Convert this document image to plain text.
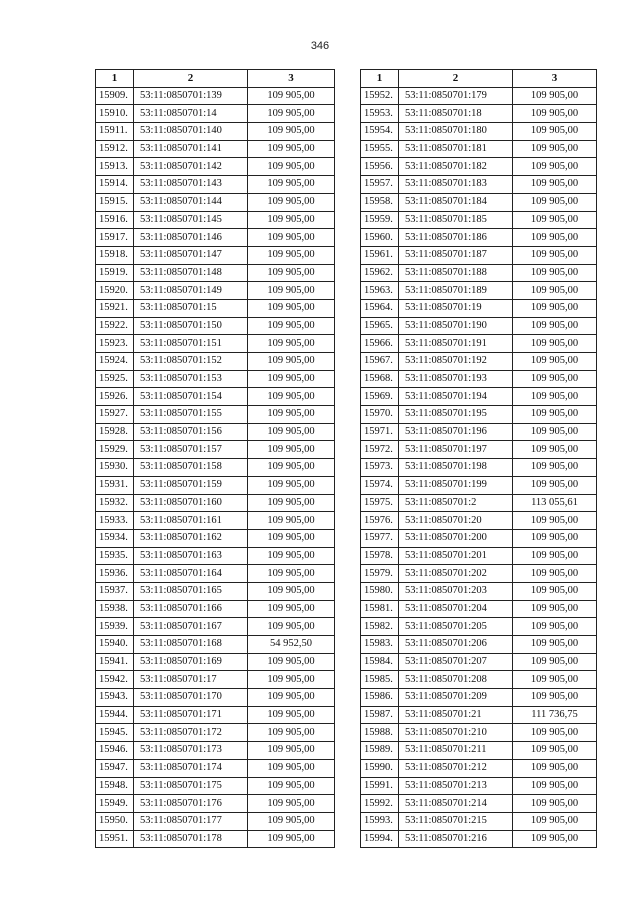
346
1	2	3
15909.	53:11:0850701:139	109 905,00
15910.	53:11:0850701:14	109 905,00
15911.	53:11:0850701:140	109 905,00
15912.	53:11:0850701:141	109 905,00
15913.	53:11:0850701:142	109 905,00
15914.	53:11:0850701:143	109 905,00
15915.	53:11:0850701:144	109 905,00
15916.	53:11:0850701:145	109 905,00
15917.	53:11:0850701:146	109 905,00
15918.	53:11:0850701:147	109 905,00
15919.	53:11:0850701:148	109 905,00
15920.	53:11:0850701:149	109 905,00
15921.	53:11:0850701:15	109 905,00
15922.	53:11:0850701:150	109 905,00
15923.	53:11:0850701:151	109 905,00
15924.	53:11:0850701:152	109 905,00
15925.	53:11:0850701:153	109 905,00
15926.	53:11:0850701:154	109 905,00
15927.	53:11:0850701:155	109 905,00
15928.	53:11:0850701:156	109 905,00
15929.	53:11:0850701:157	109 905,00
15930.	53:11:0850701:158	109 905,00
15931.	53:11:0850701:159	109 905,00
15932.	53:11:0850701:160	109 905,00
15933.	53:11:0850701:161	109 905,00
15934.	53:11:0850701:162	109 905,00
15935.	53:11:0850701:163	109 905,00
15936.	53:11:0850701:164	109 905,00
15937.	53:11:0850701:165	109 905,00
15938.	53:11:0850701:166	109 905,00
15939.	53:11:0850701:167	109 905,00
15940.	53:11:0850701:168	54 952,50
15941.	53:11:0850701:169	109 905,00
15942.	53:11:0850701:17	109 905,00
15943.	53:11:0850701:170	109 905,00
15944.	53:11:0850701:171	109 905,00
15945.	53:11:0850701:172	109 905,00
15946.	53:11:0850701:173	109 905,00
15947.	53:11:0850701:174	109 905,00
15948.	53:11:0850701:175	109 905,00
15949.	53:11:0850701:176	109 905,00
15950.	53:11:0850701:177	109 905,00
15951.	53:11:0850701:178	109 905,00
1	2	3
15952.	53:11:0850701:179	109 905,00
15953.	53:11:0850701:18	109 905,00
15954.	53:11:0850701:180	109 905,00
15955.	53:11:0850701:181	109 905,00
15956.	53:11:0850701:182	109 905,00
15957.	53:11:0850701:183	109 905,00
15958.	53:11:0850701:184	109 905,00
15959.	53:11:0850701:185	109 905,00
15960.	53:11:0850701:186	109 905,00
15961.	53:11:0850701:187	109 905,00
15962.	53:11:0850701:188	109 905,00
15963.	53:11:0850701:189	109 905,00
15964.	53:11:0850701:19	109 905,00
15965.	53:11:0850701:190	109 905,00
15966.	53:11:0850701:191	109 905,00
15967.	53:11:0850701:192	109 905,00
15968.	53:11:0850701:193	109 905,00
15969.	53:11:0850701:194	109 905,00
15970.	53:11:0850701:195	109 905,00
15971.	53:11:0850701:196	109 905,00
15972.	53:11:0850701:197	109 905,00
15973.	53:11:0850701:198	109 905,00
15974.	53:11:0850701:199	109 905,00
15975.	53:11:0850701:2	113 055,61
15976.	53:11:0850701:20	109 905,00
15977.	53:11:0850701:200	109 905,00
15978.	53:11:0850701:201	109 905,00
15979.	53:11:0850701:202	109 905,00
15980.	53:11:0850701:203	109 905,00
15981.	53:11:0850701:204	109 905,00
15982.	53:11:0850701:205	109 905,00
15983.	53:11:0850701:206	109 905,00
15984.	53:11:0850701:207	109 905,00
15985.	53:11:0850701:208	109 905,00
15986.	53:11:0850701:209	109 905,00
15987.	53:11:0850701:21	111 736,75
15988.	53:11:0850701:210	109 905,00
15989.	53:11:0850701:211	109 905,00
15990.	53:11:0850701:212	109 905,00
15991.	53:11:0850701:213	109 905,00
15992.	53:11:0850701:214	109 905,00
15993.	53:11:0850701:215	109 905,00
15994.	53:11:0850701:216	109 905,00
